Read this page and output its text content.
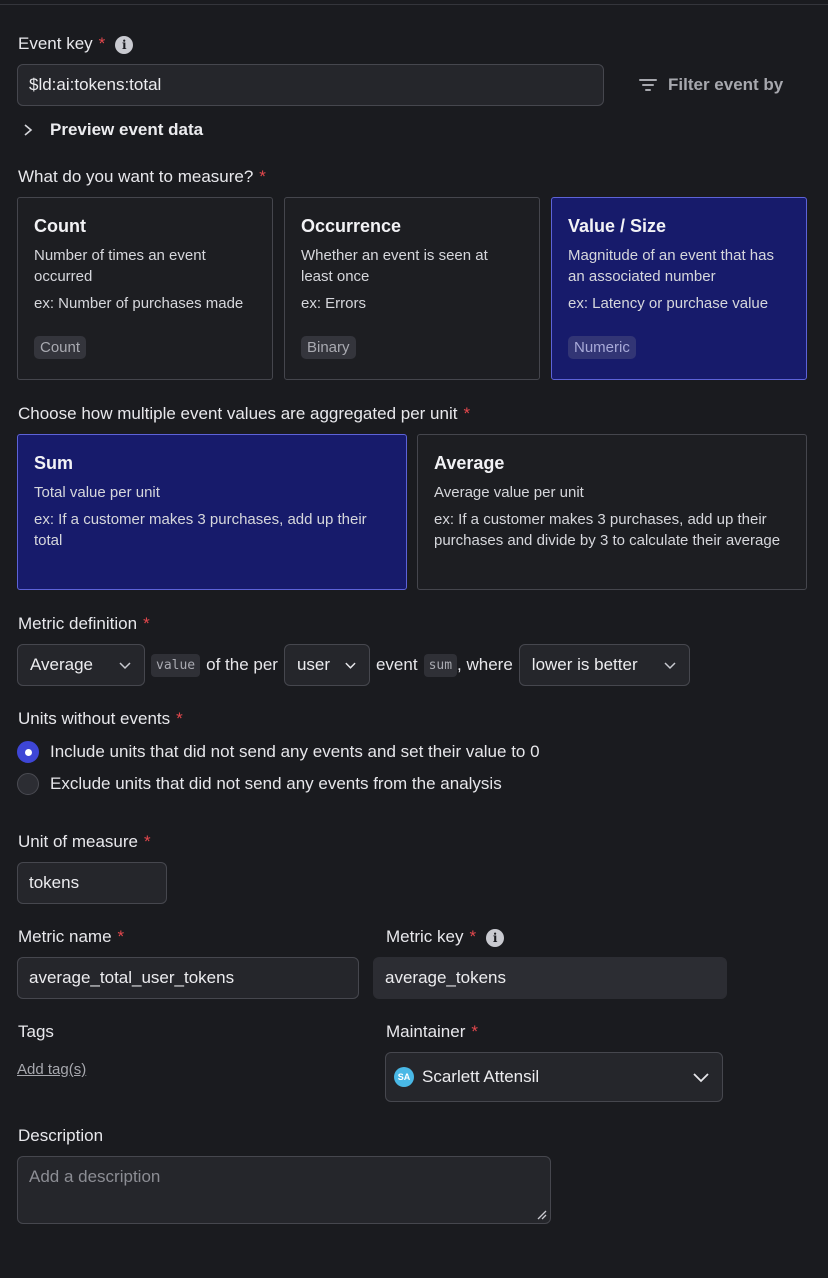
Event key * i
$ld:ai:tokens:total	Filter event by
Preview event data
What do you want to measure? *
Count
Number of times an event occurred
ex: Number of purchases made
Count
Occurrence
Whether an event is seen at least once
ex: Errors
Binary
Value / Size
Magnitude of an event that has an associated number
ex: Latency or purchase value
Numeric
Choose how multiple event values are aggregated per unit *
Sum
Total value per unit
ex: If a customer makes 3 purchases, add up their total
Average
Average value per unit
ex: If a customer makes 3 purchases, add up their purchases and divide by 3 to calculate their average
Metric definition *
Average	value of the per user	event sum , where lower is better
Units without events *
Include units that did not send any events and set their value to 0
Exclude units that did not send any events from the analysis
Unit of measure *
tokens
Metric name *
average_total_user_tokens
Metric key * i
average_tokens
Tags
Add tag(s)
Maintainer *
SA Scarlett Attensil
Description
Add a description
